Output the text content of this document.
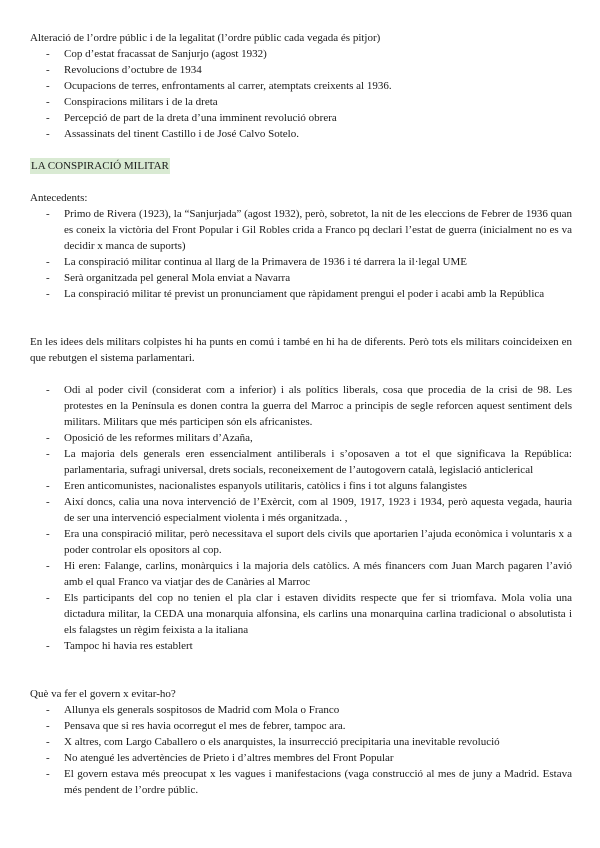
Alteració de l’ordre públic i de la legalitat (l’ordre públic cada vegada és pitjor)

- Cop d’estat fracassat de Sanjurjo (agost 1932)
- Revolucions d’octubre de 1934
- Ocupacions de terres, enfrontaments al carrer, atemptats creixents al 1936.
- Conspiracions militars i de la dreta
- Percepció de part de la dreta d’una imminent revolució obrera
- Assassinats del tinent Castillo i de José Calvo Sotelo.
LA CONSPIRACIÓ MILITAR

Antecedents:

- Primo de Rivera (1923), la “Sanjurjada” (agost 1932), però, sobretot, la nit de les eleccions de Febrer de 1936 quan es coneix la victòria del Front Popular i Gil Robles crida a Franco pq declari l’estat de guerra (inicialment no es va decidir x manca de suports)
- La conspiració militar continua al llarg de la Primavera de 1936 i té darrera la il·legal UME
- Serà organitzada pel general Mola enviat a Navarra
- La conspiració militar té previst un pronunciament que ràpidament prengui el poder i acabi amb la República

En les idees dels militars colpistes hi ha punts en comú i també en hi ha de diferents. Però tots els militars coincideixen en que rebutgen el sistema parlamentari.

- Odi al poder civil (considerat com a inferior) i als polítics liberals, cosa que procedia de la crisi de 98. Les protestes en la Península es donen contra la guerra del Marroc a principis de segle reforcen aquest sentiment dels militars. Militars que més participen són els africanistes.
- Oposició de les reformes militars d’Azaña,
- La majoria dels generals eren essencialment antiliberals i s’oposaven a tot el que significava la República: parlamentaria, sufragi universal, drets socials, reconeixement de l’autogovern català, legislació anticlerical
- Eren anticomunistes, nacionalistes espanyols utilitaris, catòlics i fins i tot alguns falangistes
- Així doncs, calia una nova intervenció de l’Exèrcit, com al 1909, 1917, 1923 i 1934, però aquesta vegada, hauria de ser una intervenció especialment violenta i més organitzada. ,
- Era una conspiració militar, però necessitava el suport dels civils que aportarien l’ajuda econòmica i voluntaris x a poder controlar els opositors al cop.
- Hi eren: Falange, carlins, monàrquics i la majoria dels catòlics. A més financers com Juan March pagaren l’avió amb el qual Franco va viatjar des de Canàries al Marroc
- Els participants del cop no tenien el pla clar i estaven dividits respecte que fer si triomfava. Mola volia una dictadura militar, la CEDA una monarquia alfonsina, els carlins una monarquina carlina tradicional o absolutista i els falagstes un règim feixista a la italiana
- Tampoc hi havia res establert

Què va fer el govern x evitar-ho?

- Allunya els generals sospitosos de Madrid com Mola o Franco
- Pensava que si res havia ocorregut el mes de febrer, tampoc ara.
- X altres, com Largo Caballero o els anarquistes, la insurrecció precipitaria una inevitable revolució
- No atengué les advertències de Prieto i d’altres membres del Front Popular
- El govern estava més preocupat x les vagues i manifestacions (vaga construcció al mes de juny a Madrid. Estava més pendent de l’ordre públic.
